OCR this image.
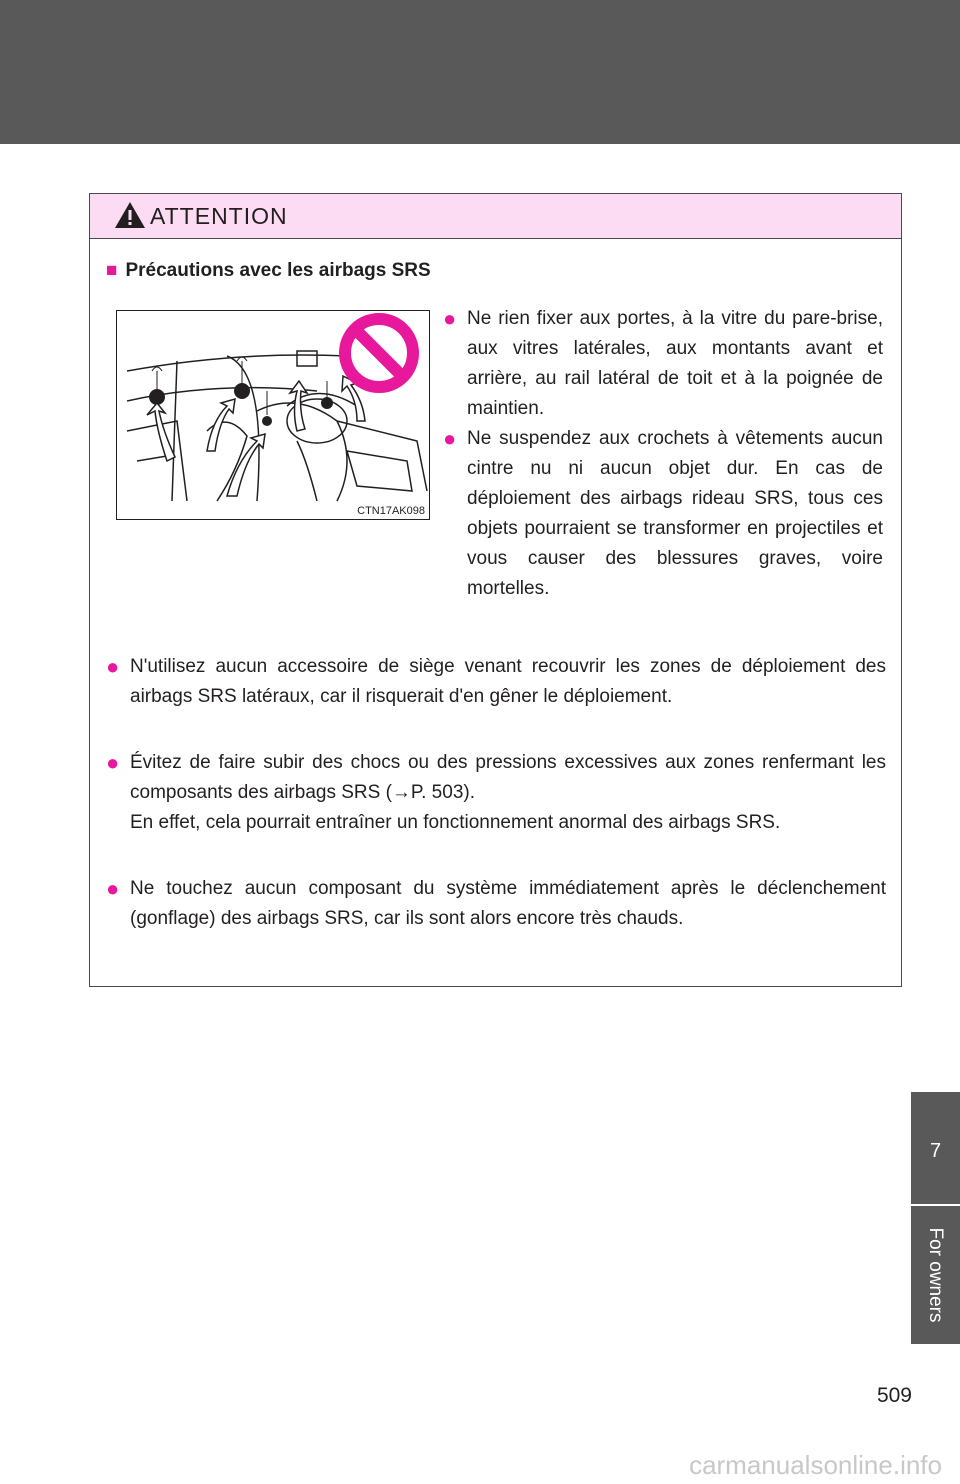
ATTENTION
■ Précautions avec les airbags SRS
CTN17AK098
● Ne rien fixer aux portes, à la vitre du pare-brise, aux vitres latérales, aux montants avant et arrière, au rail latéral de toit et à la poignée de maintien.
● Ne suspendez aux crochets à vêtements aucun cintre nu ni aucun objet dur. En cas de déploiement des airbags rideau SRS, tous ces objets pourraient se transformer en projectiles et vous causer des blessures graves, voire mortelles.
● N'utilisez aucun accessoire de siège venant recouvrir les zones de déploiement des airbags SRS latéraux, car il risquerait d'en gêner le déploiement.
● Évitez de faire subir des chocs ou des pressions excessives aux zones renfermant les composants des airbags SRS (→P. 503).
En effet, cela pourrait entraîner un fonctionnement anormal des airbags SRS.
● Ne touchez aucun composant du système immédiatement après le déclenchement (gonflage) des airbags SRS, car ils sont alors encore très chauds.
7
For owners
509
carmanualsonline.info
